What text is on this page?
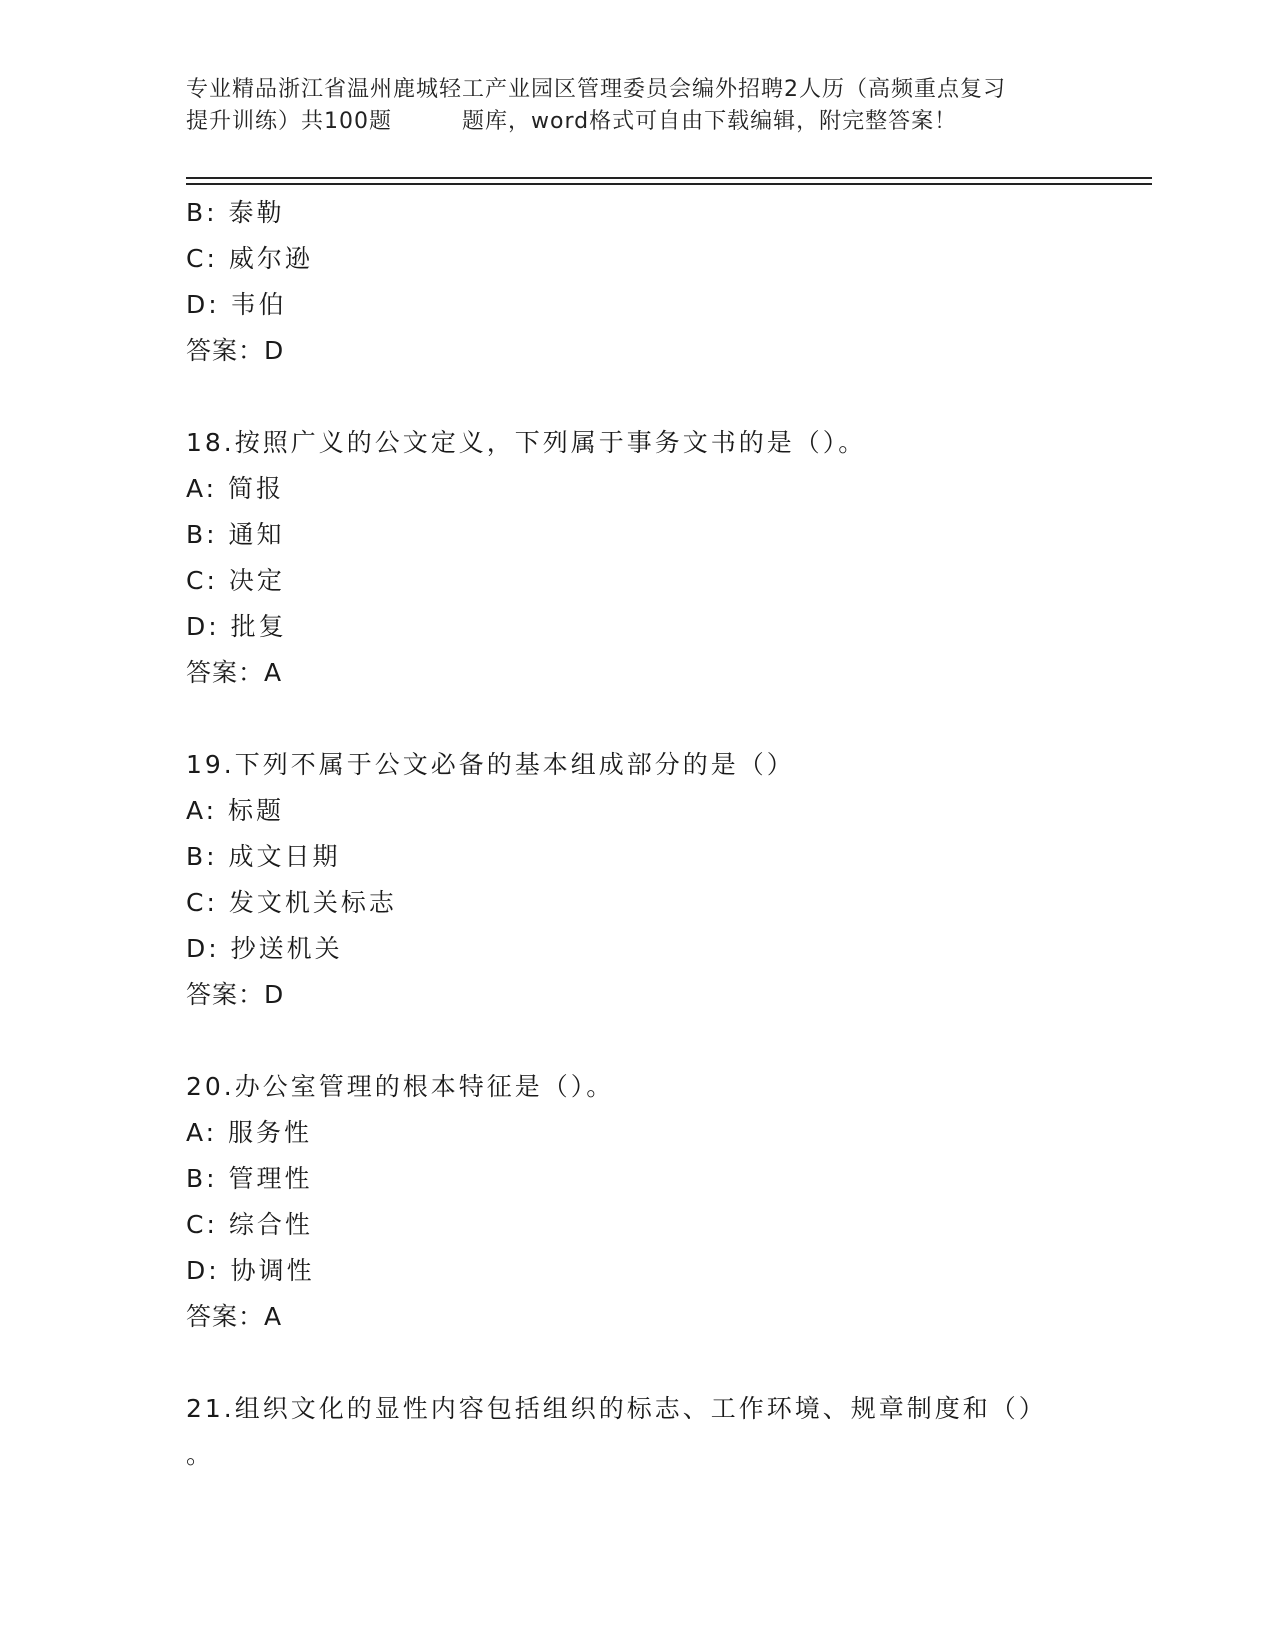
专业精品浙江省温州鹿城轻工产业园区管理委员会编外招聘2人历（高频重点复习
提升训练）共100题	题库，word格式可自由下载编辑，附完整答案！
B: 泰勒
C: 威尔逊
D: 韦伯
答案：D
18.按照广义的公文定义，下列属于事务文书的是（）。
A: 简报
B: 通知
C: 决定
D: 批复
答案：A
19.下列不属于公文必备的基本组成部分的是（）
A: 标题
B: 成文日期
C: 发文机关标志
D: 抄送机关
答案：D
20.办公室管理的根本特征是（）。
A: 服务性
B: 管理性
C: 综合性
D: 协调性
答案：A
21.组织文化的显性内容包括组织的标志、工作环境、规章制度和（）
。
